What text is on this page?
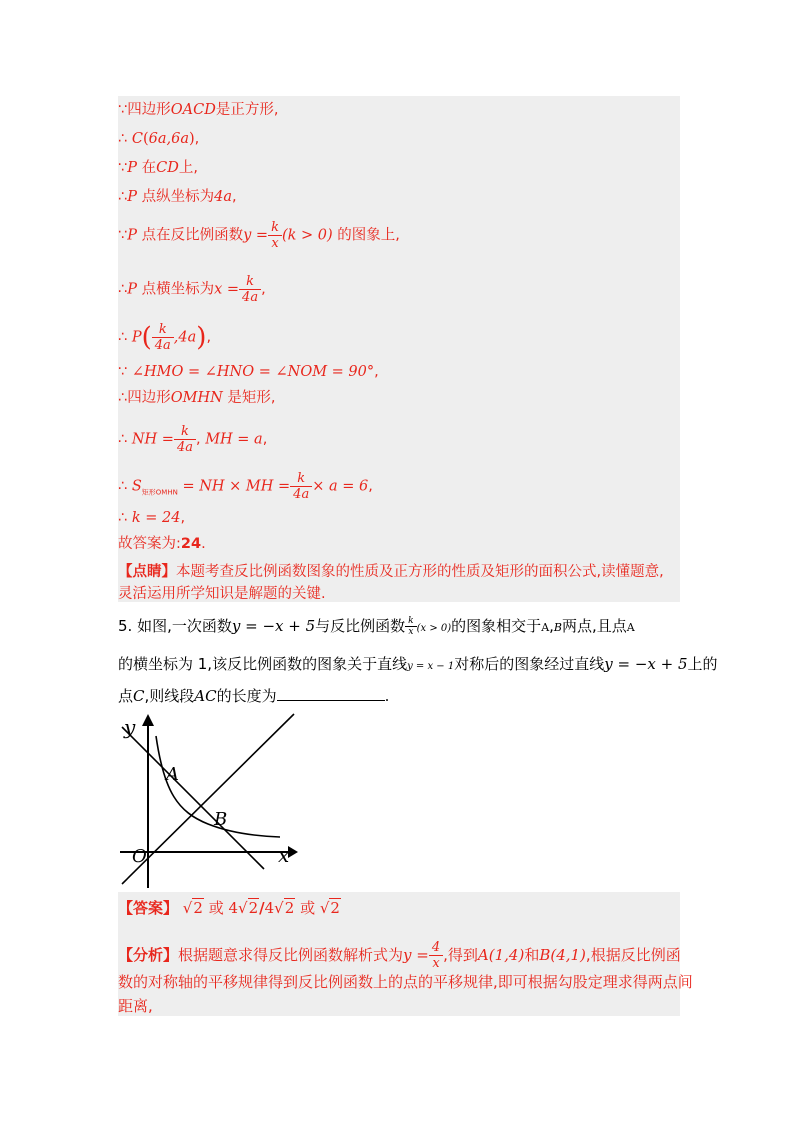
∵四边形OACD是正方形,
∴ C(6a,6a),
∵P 在CD上,
∴P 点纵坐标为4a,
∵P 点在反比例函数$y = \frac{k}{x} (k > 0)$ 的图象上,
∴P 点横坐标为$x = \frac{k}{4a}$ ,
∴ $P( \frac{k}{4a} ,4a)$,
∵ ∠HMO = ∠HNO = ∠NOM = 90°,
∴四边形OMHN 是矩形,
∴ NH = $\frac{k}{4a}$ , MH = a,
∴ $S_{矩形OMHN}$ = NH × MH = $\frac{k}{4a} \times a = 6$,
∴ k = 24,
故答案为:24.
【点睛】本题考查反比例函数图象的性质及正方形的性质及矩形的面积公式,读懂题意,
灵活运用所学知识是解题的关键.
5. 如图,一次函数y = −x + 5与反比例函数 $\frac{k}{x} (x > 0)$的图象相交于A,B两点,且点A
的横坐标为 1,该反比例函数的图象关于直线y = x − 1对称后的图象经过直线y = −x + 5上的
点C,则线段AC的长度为	.
y
x
O
A
B
【答案】 √2 或 4√2/4√2 或 √2
【分析】根据题意求得反比例函数解析式为$y = \frac{4}{x}$ ,得到A(1,4)和B(4,1),根据反比例函
数的对称轴的平移规律得到反比例函数上的点的平移规律,即可根据勾股定理求得两点间
距离,
